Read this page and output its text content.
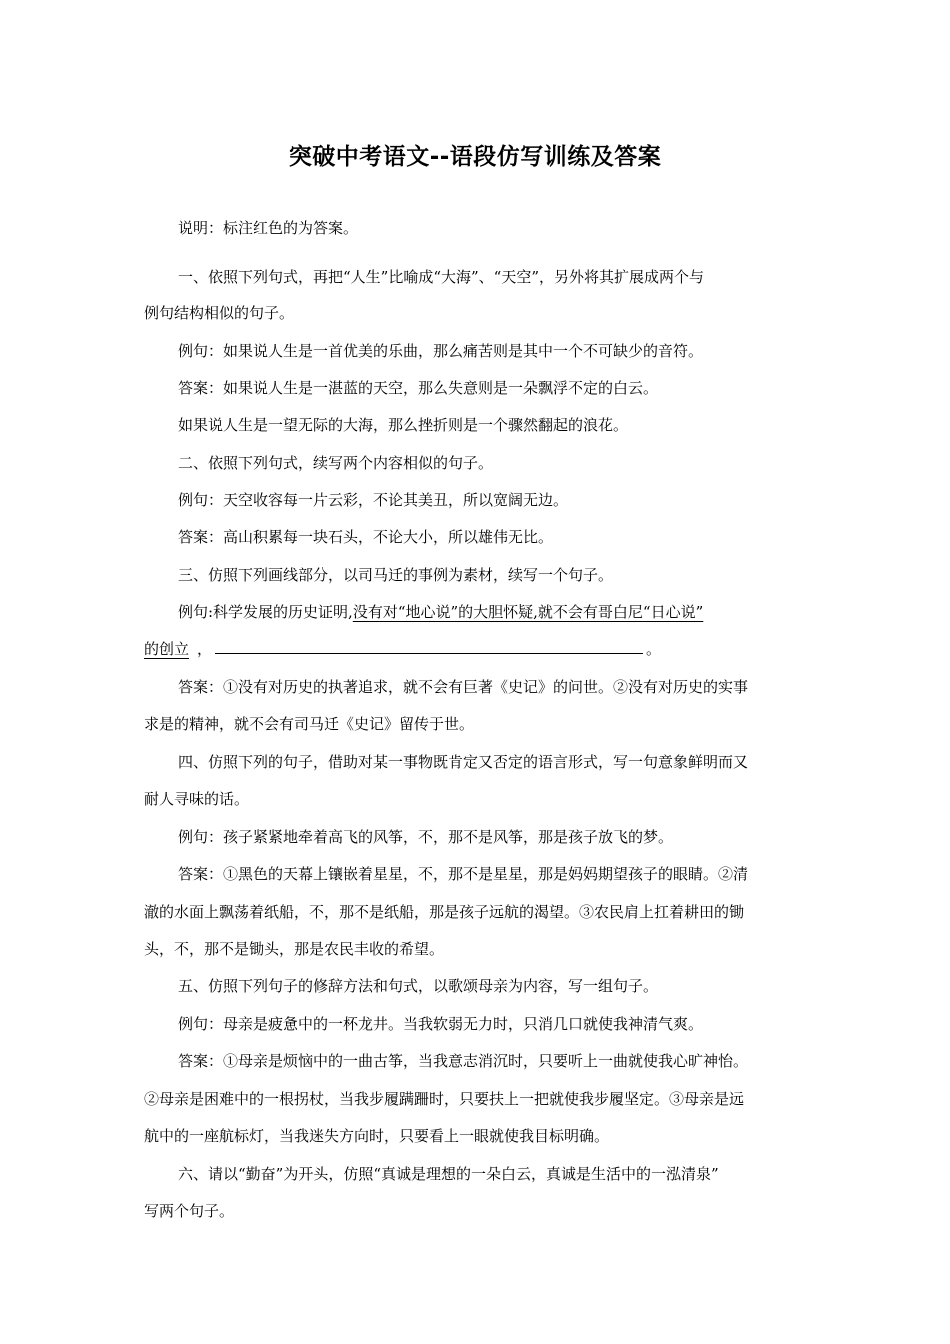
突破中考语文--语段仿写训练及答案
说明：标注红色的为答案。
一、依照下列句式，再把“人生”比喻成“大海”、“天空”，另外将其扩展成两个与
例句结构相似的句子。
例句：如果说人生是一首优美的乐曲，那么痛苦则是其中一个不可缺少的音符。
答案：如果说人生是一湛蓝的天空，那么失意则是一朵飘浮不定的白云。
如果说人生是一望无际的大海，那么挫折则是一个骤然翻起的浪花。
二、依照下列句式，续写两个内容相似的句子。
例句：天空收容每一片云彩，不论其美丑，所以宽阔无边。
答案：高山积累每一块石头，不论大小，所以雄伟无比。
三、仿照下列画线部分，以司马迁的事例为素材，续写一个句子。
例句:科学发展的历史证明,没有对“地心说”的大胆怀疑,就不会有哥白尼“日心说”
的创立 ，	。
答案：①没有对历史的执著追求，就不会有巨著《史记》的问世。②没有对历史的实事
求是的精神，就不会有司马迁《史记》留传于世。
四、仿照下列的句子，借助对某一事物既肯定又否定的语言形式，写一句意象鲜明而又
耐人寻味的话。
例句：孩子紧紧地牵着高飞的风筝，不，那不是风筝，那是孩子放飞的梦。
答案：①黑色的天幕上镶嵌着星星，不，那不是星星，那是妈妈期望孩子的眼睛。②清
澈的水面上飘荡着纸船，不，那不是纸船，那是孩子远航的渴望。③农民肩上扛着耕田的锄
头，不，那不是锄头，那是农民丰收的希望。
五、仿照下列句子的修辞方法和句式，以歌颂母亲为内容，写一组句子。
例句：母亲是疲惫中的一杯龙井。当我软弱无力时，只消几口就使我神清气爽。
答案：①母亲是烦恼中的一曲古筝，当我意志消沉时，只要听上一曲就使我心旷神怡。
②母亲是困难中的一根拐杖，当我步履蹒跚时，只要扶上一把就使我步履坚定。③母亲是远
航中的一座航标灯，当我迷失方向时，只要看上一眼就使我目标明确。
六、请以“勤奋”为开头，仿照“真诚是理想的一朵白云，真诚是生活中的一泓清泉”
写两个句子。
